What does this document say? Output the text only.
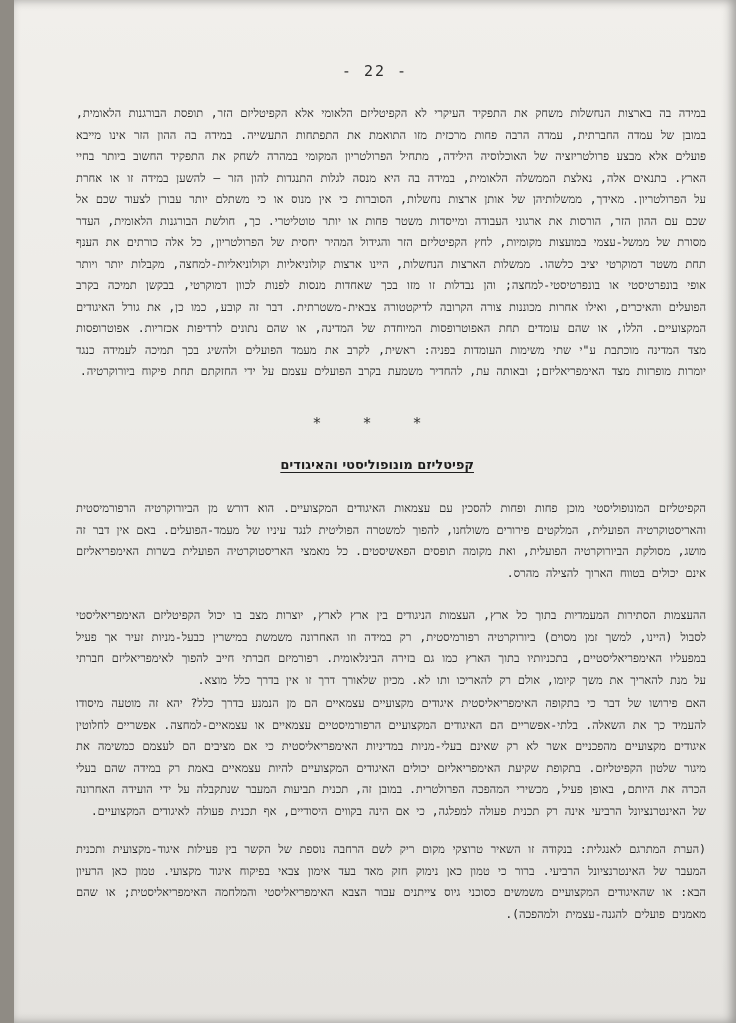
- 22 -

במידה בה בארצות הנחשלות משחק את התפקיד העיקרי לא הקפיטליזם הלאומי אלא הקפיטליזם הזר, תופסת הבורגנות הלאומית, במובן של עמדה החברתית, עמדה הרבה פחות מרכזית מזו התואמת את התפתחות התעשייה. במידה בה ההון הזר אינו מייבא פועלים אלא מבצע פרולטריזציה של האוכלוסיה הילידה, מתחיל הפרולטריון המקומי במהרה לשחק את התפקיד החשוב ביותר בחיי הארץ. בתנאים אלה, נאלצת הממשלה הלאומית, במידה בה היא מנסה לגלות התנגדות להון הזר – להשען במידה זו או אחרת על הפרולטריון. מאידך, ממשלותיהן של אותן ארצות נחשלות, הסוברות כי אין מנוס או כי משתלם יותר עבורן לצעוד שכם אל שכם עם ההון הזר, הורסות את ארגוני העבודה ומייסדות משטר פחות או יותר טוטליטרי. כך, חולשת הבורגנות הלאומית, העדר מסורת של ממשל-עצמי במועצות מקומיות, לחץ הקפיטליזם הזר והגידול המהיר יחסית של הפרולטריון, כל אלה כורתים את הענף תחת משטר דמוקרטי יציב כלשהו. ממשלות הארצות הנחשלות, היינו ארצות קולוניאליות וקולוניאליות-למחצה, מקבלות יותר ויותר אופי בונפרטיסטי או בונפרטיסטי-למחצה; והן נבדלות זו מזו בכך שאחדות מנסות לפנות לכוון דמוקרטי, בבקשן תמיכה בקרב הפועלים והאיכרים, ואילו אחרות מכוננות צורה הקרובה לדיקטטורה צבאית-משטרתית. דבר זה קובע, כמו כן, את גורל האיגודים המקצועיים. הללו, או שהם עומדים תחת האפוטרופסות המיוחדת של המדינה, או שהם נתונים לרדיפות אכזריות. אפוטרופסות מצד המדינה מוכתבת ע"י שתי משימות העומדות בפניה: ראשית, לקרב את מעמד הפועלים ולהשיג בכך תמיכה לעמידה כנגד יומרות מופרזות מצד האימפריאליזם; ובאותה עת, להחדיר משמעת בקרב הפועלים עצמם על ידי החזקתם תחת פיקוח ביורוקרטיה.

* * *
קפיטליזם מונופוליסטי והאיגודים

הקפיטליזם המונופוליסטי מוכן פחות ופחות להסכין עם עצמאות האיגודים המקצועיים. הוא דורש מן הביורוקרטיה הרפורמיסטית והאריסטוקרטיה הפועלית, המלקטים פירורים משולחנו, להפוך למשטרה הפוליטית לנגד עיניו של מעמד-הפועלים. באם אין דבר זה מושג, מסולקת הביורוקרטיה הפועלית, ואת מקומה תופסים הפאשיסטים. כל מאמצי האריסטוקרטיה הפועלית בשרות האימפריאליזם אינם יכולים בטווח הארוך להצילה מהרס.

ההעצמות הסתירות המעמדיות בתוך כל ארץ, העצמות הניגודים בין ארץ לארץ, יוצרות מצב בו יכול הקפיטליזם האימפריאליסטי לסבול (היינו, למשך זמן מסוים) ביורוקרטיה רפורמיסטית, רק במידה וזו האחרונה משמשת במישרין כבעל-מניות זעיר אך פעיל במפעליו האימפריאליסטיים, בתכניותיו בתוך הארץ כמו גם בזירה הבינלאומית. רפורמיזם חברתי חייב להפוך לאימפריאליזם חברתי על מנת להאריך את משך קיומו, אולם רק להאריכו ותו לא. מכיון שלאורך דרך זו אין בדרך כלל מוצא.

האם פירושו של דבר כי בתקופה האימפריאליסטית איגודים מקצועיים עצמאיים הם מן הנמנע בדרך כלל? יהא זה מוטעה מיסודו להעמיד כך את השאלה. בלתי-אפשריים הם האיגודים המקצועיים הרפורמיסטיים עצמאיים או עצמאיים-למחצה. אפשריים לחלוטין איגודים מקצועיים מהפכניים אשר לא רק שאינם בעלי-מניות במדיניות האימפריאליסטית כי אם מציבים הם לעצמם כמשימה את מיגור שלטון הקפיטליזם. בתקופת שקיעת האימפריאליזם יכולים האיגודים המקצועיים להיות עצמאיים באמת רק במידה שהם בעלי הכרה את היותם, באופן פעיל, מכשירי המהפכה הפרולטרית. במובן זה, תכנית תביעות המעבר שנתקבלה על ידי הועידה האחרונה של האינטרנציונל הרביעי אינה רק תכנית פעולה למפלגה, כי אם הינה בקווים היסודיים, אף תכנית פעולה לאיגודים המקצועיים.

(הערת המתרגם לאנגלית: בנקודה זו השאיר טרוצקי מקום ריק לשם הרחבה נוספת של הקשר בין פעילות איגוד-מקצועית ותכנית המעבר של האינטרנציונל הרביעי. ברור כי טמון כאן נימוק חזק מאד בעד אימון צבאי בפיקוח איגוד מקצועי. טמון כאן הרעיון הבא: או שהאיגודים המקצועיים משמשים כסוכני גיוס צייתנים עבור הצבא האימפריאליסטי והמלחמה האימפריאליסטית; או שהם מאמנים פועלים להגנה-עצמית ולמהפכה).
